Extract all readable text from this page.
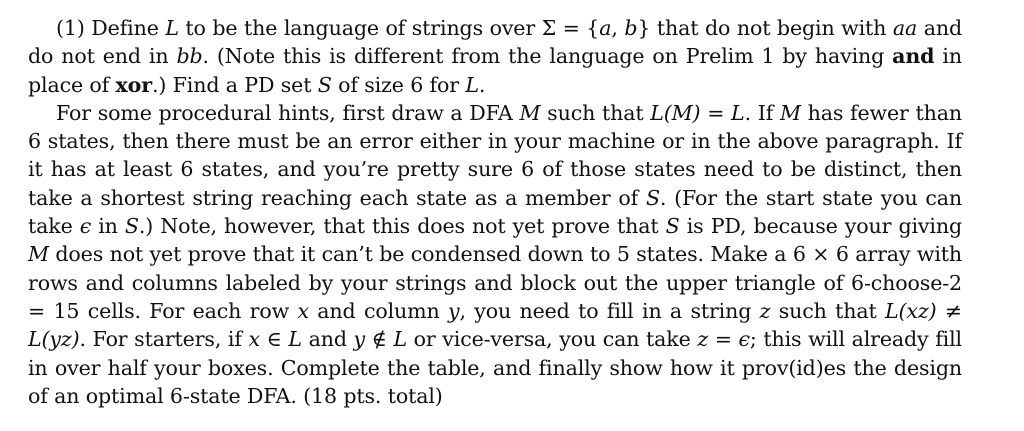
(1) Define L to be the language of strings over Σ = {a, b} that do not begin with aa and do not end in bb. (Note this is different from the language on Prelim 1 by having and in place of xor.) Find a PD set S of size 6 for L.

For some procedural hints, first draw a DFA M such that L(M) = L. If M has fewer than 6 states, then there must be an error either in your machine or in the above paragraph. If it has at least 6 states, and you’re pretty sure 6 of those states need to be distinct, then take a shortest string reaching each state as a member of S. (For the start state you can take ϵ in S.) Note, however, that this does not yet prove that S is PD, because your giving M does not yet prove that it can’t be condensed down to 5 states. Make a 6 × 6 array with rows and columns labeled by your strings and block out the upper triangle of 6-choose-2 = 15 cells. For each row x and column y, you need to fill in a string z such that L(xz) ≠ L(yz). For starters, if x ∈ L and y ∉ L or vice-versa, you can take z = ϵ; this will already fill in over half your boxes. Complete the table, and finally show how it prov(id)es the design of an optimal 6-state DFA. (18 pts. total)
